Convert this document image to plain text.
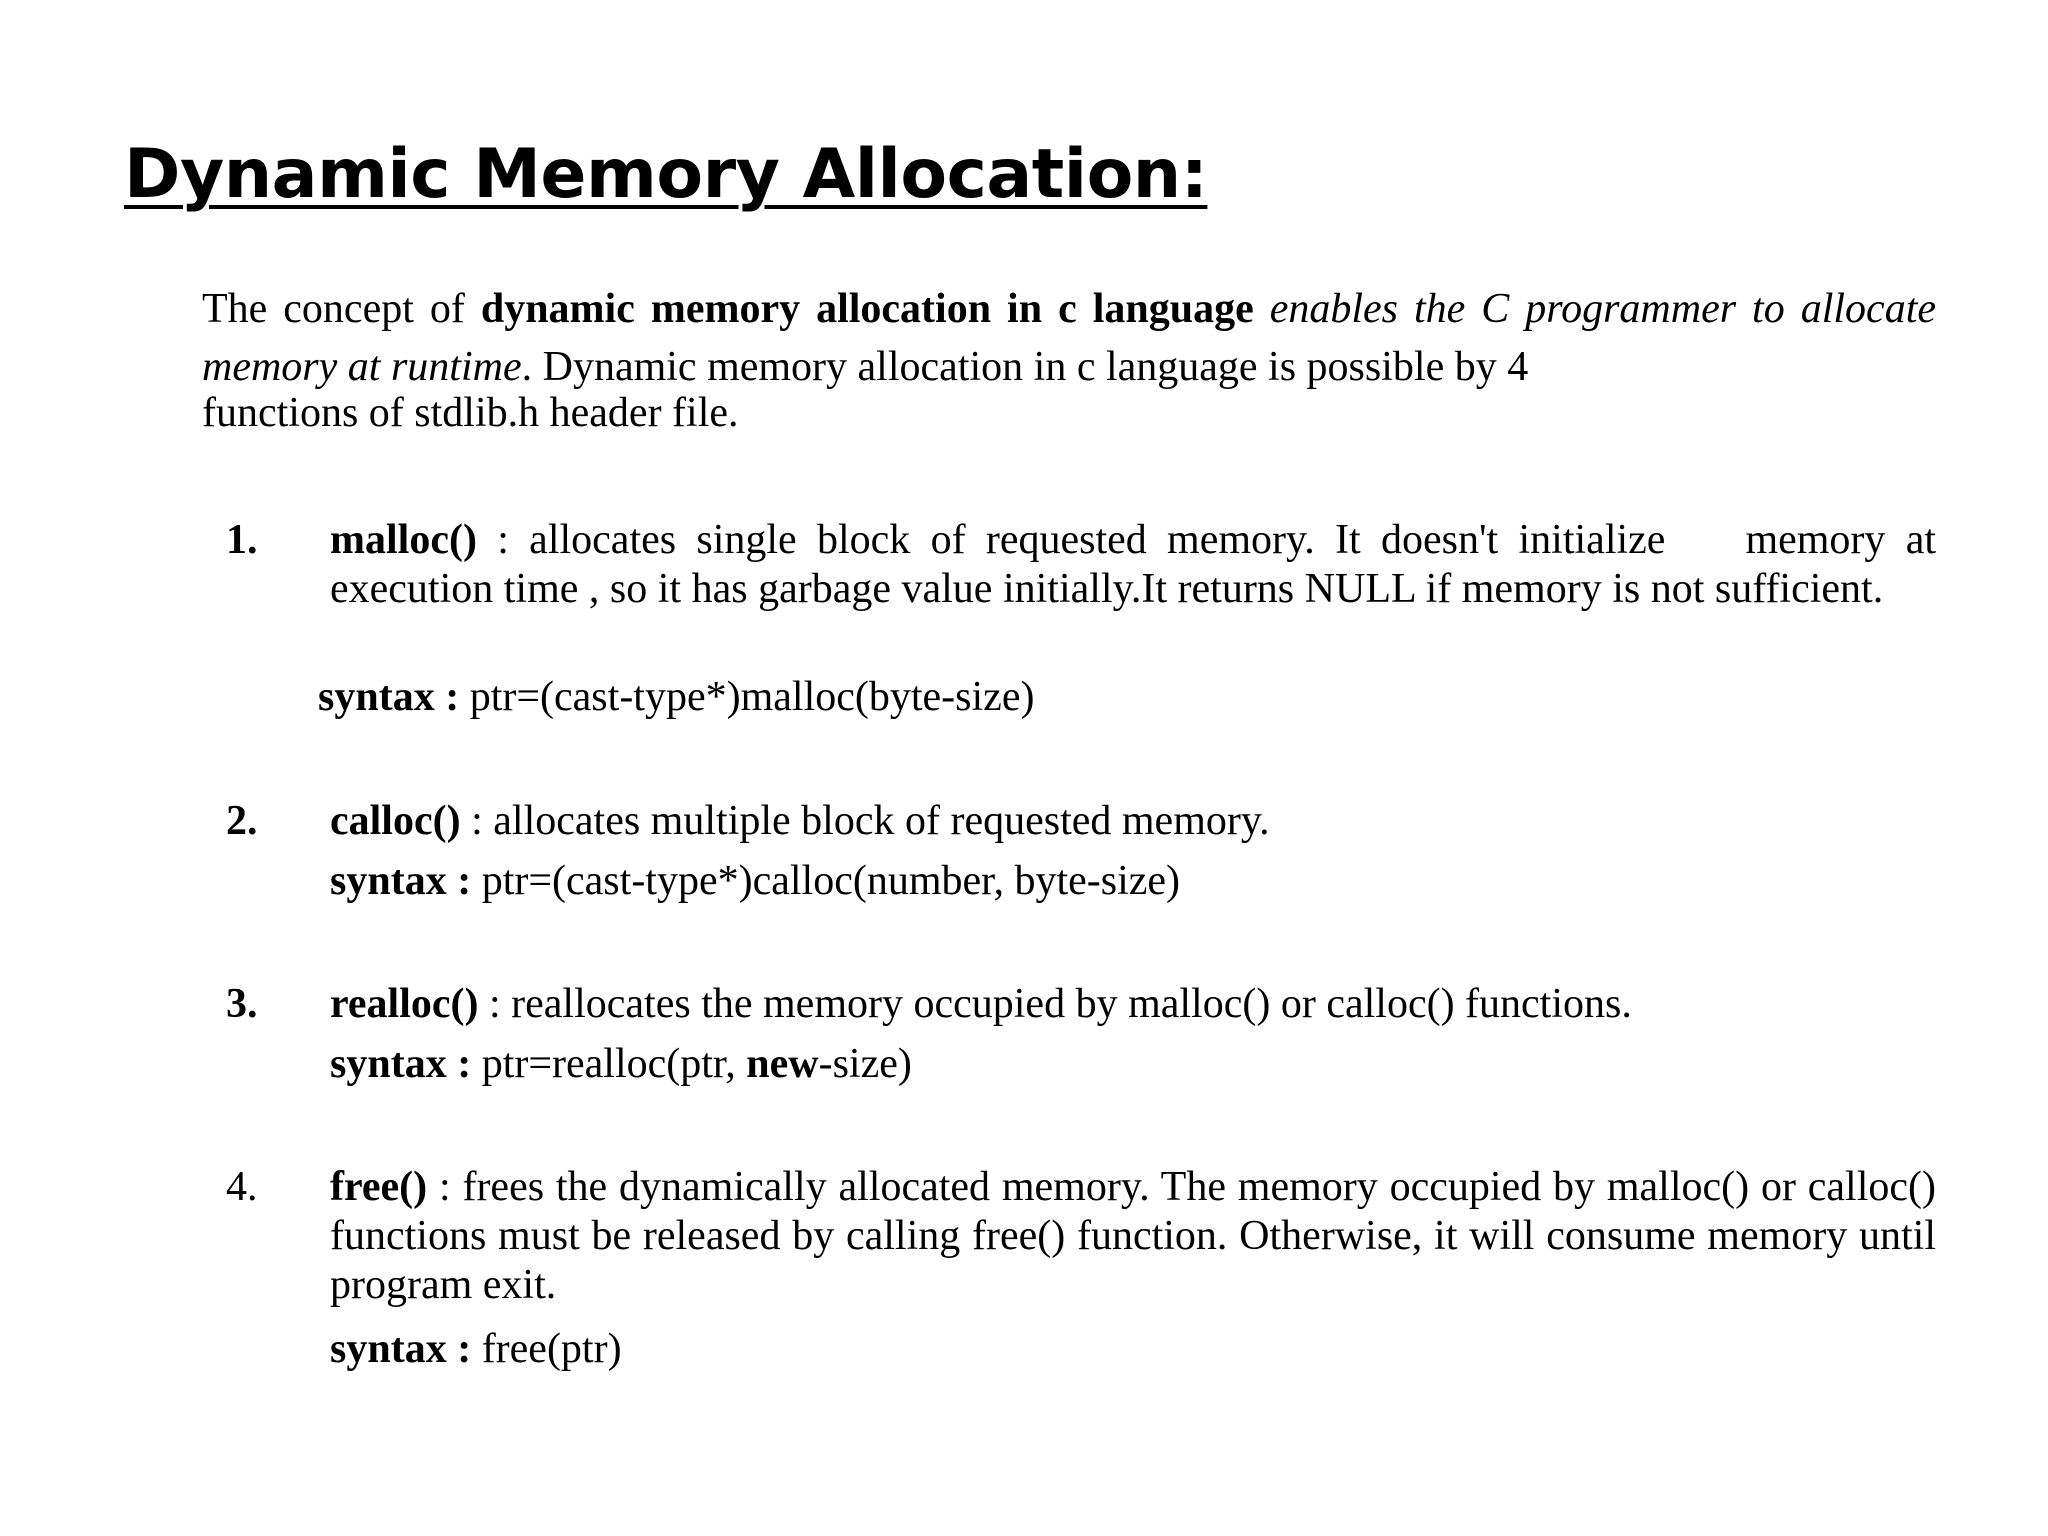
Dynamic Memory Allocation:

The concept of dynamic memory allocation in c language enables the C programmer to allocate memory at runtime. Dynamic memory allocation in c language is possible by 4
functions of stdlib.h header file.

1. malloc() : allocates single block of requested memory. It doesn't initialize memory at execution time , so it has garbage value initially.It returns NULL if memory is not sufficient.

syntax : ptr=(cast-type*)malloc(byte-size)
2. calloc() : allocates multiple block of requested memory.

syntax : ptr=(cast-type*)calloc(number, byte-size)
3. realloc() : reallocates the memory occupied by malloc() or calloc() functions.

syntax : ptr=realloc(ptr, new-size)
4. free() : frees the dynamically allocated memory. The memory occupied by malloc() or calloc() functions must be released by calling free() function. Otherwise, it will consume memory until program exit.

syntax : free(ptr)
